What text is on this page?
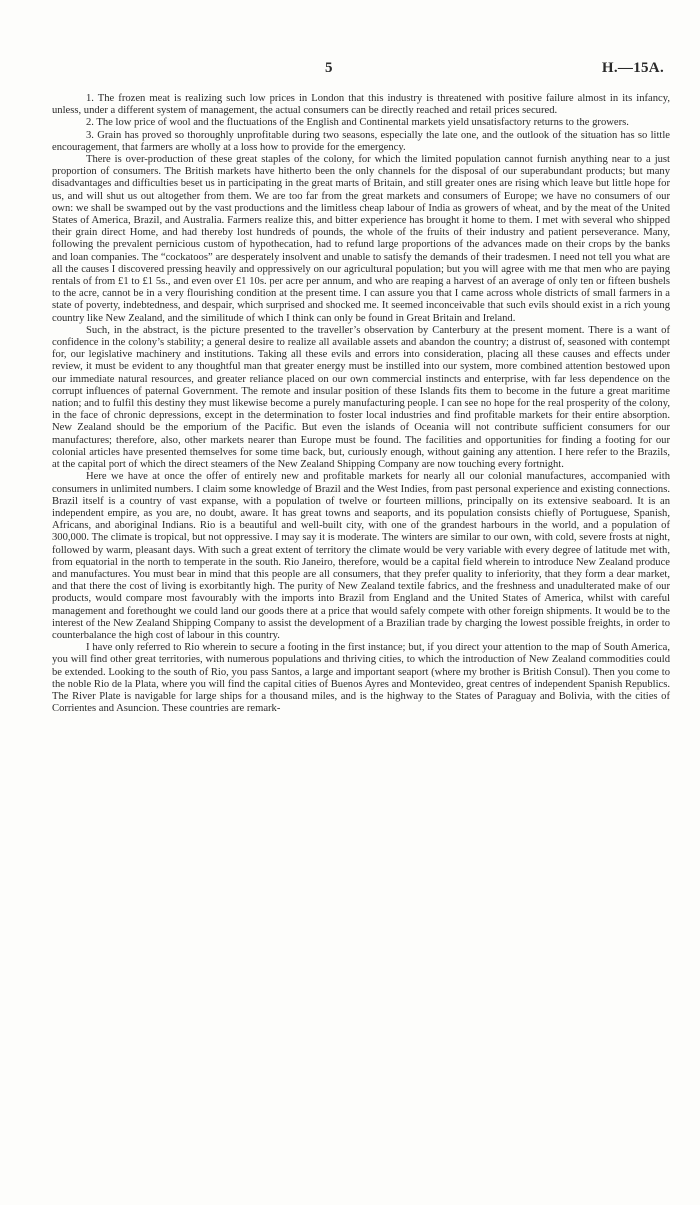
5	H.—15A.

1. The frozen meat is realizing such low prices in London that this industry is threatened with positive failure almost in its infancy, unless, under a different system of management, the actual consumers can be directly reached and retail prices secured.

2. The low price of wool and the fluctuations of the English and Continental markets yield unsatisfactory returns to the growers.

3. Grain has proved so thoroughly unprofitable during two seasons, especially the late one, and the outlook of the situation has so little encouragement, that farmers are wholly at a loss how to provide for the emergency.

There is over-production of these great staples of the colony, for which the limited population cannot furnish anything near to a just proportion of consumers. The British markets have hitherto been the only channels for the disposal of our superabundant products; but many disadvantages and difficulties beset us in participating in the great marts of Britain, and still greater ones are rising which leave but little hope for us, and will shut us out altogether from them. We are too far from the great markets and consumers of Europe; we have no consumers of our own: we shall be swamped out by the vast productions and the limitless cheap labour of India as growers of wheat, and by the meat of the United States of America, Brazil, and Australia. Farmers realize this, and bitter experience has brought it home to them. I met with several who shipped their grain direct Home, and had thereby lost hundreds of pounds, the whole of the fruits of their industry and patient perseverance. Many, following the prevalent pernicious custom of hypothecation, had to refund large proportions of the advances made on their crops by the banks and loan companies. The “cockatoos” are desperately insolvent and unable to satisfy the demands of their tradesmen. I need not tell you what are all the causes I discovered pressing heavily and oppressively on our agricultural population; but you will agree with me that men who are paying rentals of from £1 to £1 5s., and even over £1 10s. per acre per annum, and who are reaping a harvest of an average of only ten or fifteen bushels to the acre, cannot be in a very flourishing condition at the present time. I can assure you that I came across whole districts of small farmers in a state of poverty, indebtedness, and despair, which surprised and shocked me. It seemed inconceivable that such evils should exist in a rich young country like New Zealand, and the similitude of which I think can only be found in Great Britain and Ireland.

Such, in the abstract, is the picture presented to the traveller’s observation by Canterbury at the present moment. There is a want of confidence in the colony’s stability; a general desire to realize all available assets and abandon the country; a distrust of, seasoned with contempt for, our legislative machinery and institutions. Taking all these evils and errors into consideration, placing all these causes and effects under review, it must be evident to any thoughtful man that greater energy must be instilled into our system, more combined attention bestowed upon our immediate natural resources, and greater reliance placed on our own commercial instincts and enterprise, with far less dependence on the corrupt influences of paternal Government. The remote and insular position of these Islands fits them to become in the future a great maritime nation; and to fulfil this destiny they must likewise become a purely manufacturing people. I can see no hope for the real prosperity of the colony, in the face of chronic depressions, except in the determination to foster local industries and find profitable markets for their entire absorption. New Zealand should be the emporium of the Pacific. But even the islands of Oceania will not contribute sufficient consumers for our manufactures; therefore, also, other markets nearer than Europe must be found. The facilities and opportunities for finding a footing for our colonial articles have presented themselves for some time back, but, curiously enough, without gaining any attention. I here refer to the Brazils, at the capital port of which the direct steamers of the New Zealand Shipping Company are now touching every fortnight.

Here we have at once the offer of entirely new and profitable markets for nearly all our colonial manufactures, accompanied with consumers in unlimited numbers. I claim some knowledge of Brazil and the West Indies, from past personal experience and existing connections. Brazil itself is a country of vast expanse, with a population of twelve or fourteen millions, principally on its extensive seaboard. It is an independent empire, as you are, no doubt, aware. It has great towns and seaports, and its population consists chiefly of Portuguese, Spanish, Africans, and aboriginal Indians. Rio is a beautiful and well-built city, with one of the grandest harbours in the world, and a population of 300,000. The climate is tropical, but not oppressive. I may say it is moderate. The winters are similar to our own, with cold, severe frosts at night, followed by warm, pleasant days. With such a great extent of territory the climate would be very variable with every degree of latitude met with, from equatorial in the north to temperate in the south. Rio Janeiro, therefore, would be a capital field wherein to introduce New Zealand produce and manufactures. You must bear in mind that this people are all consumers, that they prefer quality to inferiority, that they form a dear market, and that there the cost of living is exorbitantly high. The purity of New Zealand textile fabrics, and the freshness and unadulterated make of our products, would compare most favourably with the imports into Brazil from England and the United States of America, whilst with careful management and forethought we could land our goods there at a price that would safely compete with other foreign shipments. It would be to the interest of the New Zealand Shipping Company to assist the development of a Brazilian trade by charging the lowest possible freights, in order to counterbalance the high cost of labour in this country.

I have only referred to Rio wherein to secure a footing in the first instance; but, if you direct your attention to the map of South America, you will find other great territories, with numerous populations and thriving cities, to which the introduction of New Zealand commodities could be extended. Looking to the south of Rio, you pass Santos, a large and important seaport (where my brother is British Consul). Then you come to the noble Rio de la Plata, where you will find the capital cities of Buenos Ayres and Montevideo, great centres of independent Spanish Republics. The River Plate is navigable for large ships for a thousand miles, and is the highway to the States of Paraguay and Bolivia, with the cities of Corrientes and Asuncion. These countries are remark-
